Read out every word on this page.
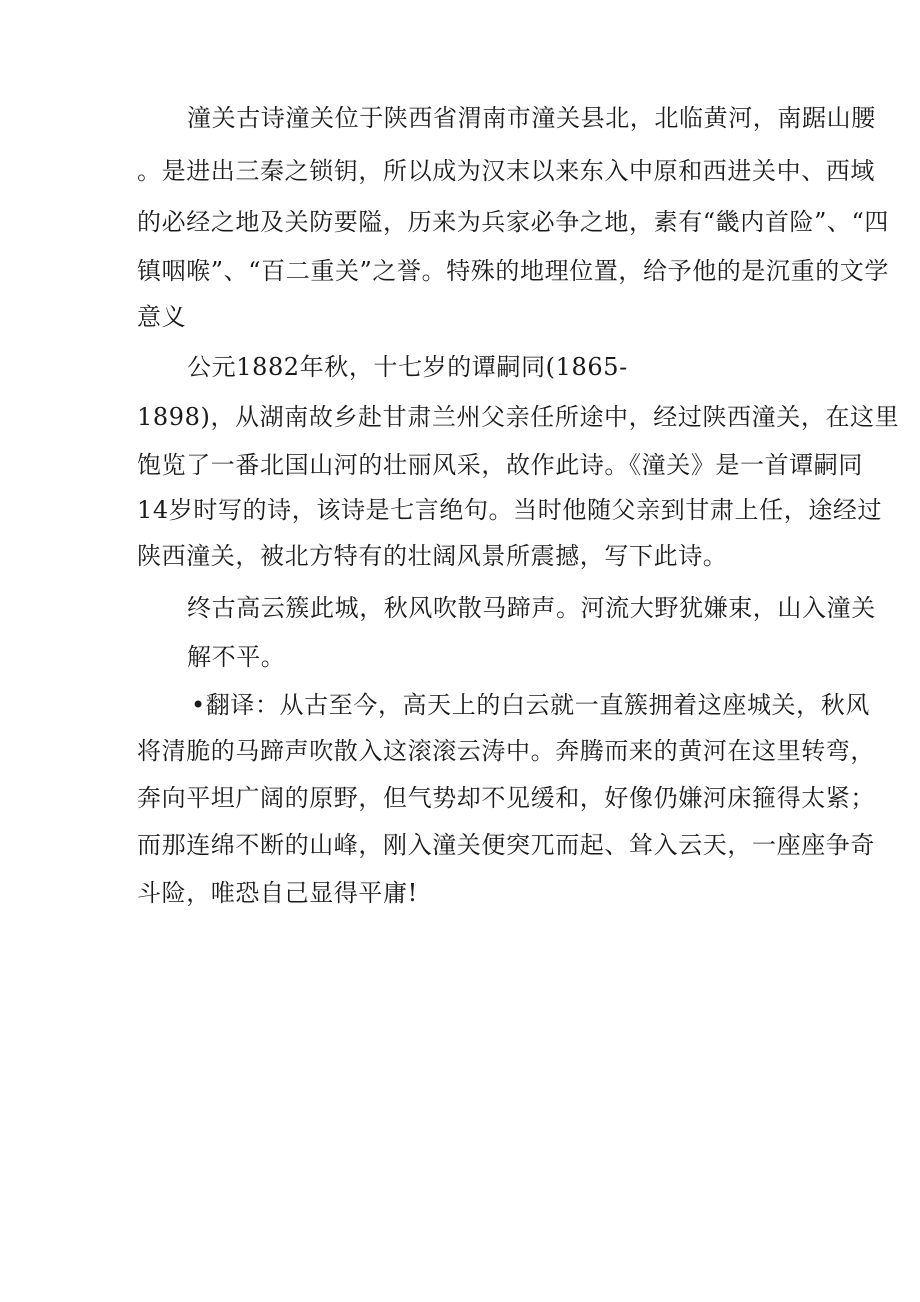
潼关古诗潼关位于陕西省渭南市潼关县北，北临黄河，南踞山腰
。是进出三秦之锁钥，所以成为汉末以来东入中原和西进关中、西域
的必经之地及关防要隘，历来为兵家必争之地，素有“畿内首险”、“四
镇咽喉”、“百二重关”之誉。特殊的地理位置，给予他的是沉重的文学
意义
公元1882年秋，十七岁的谭嗣同(1865-
1898)，从湖南故乡赴甘肃兰州父亲任所途中，经过陕西潼关，在这里
饱览了一番北国山河的壮丽风采，故作此诗。《潼关》是一首谭嗣同
14岁时写的诗，该诗是七言绝句。当时他随父亲到甘肃上任，途经过
陕西潼关，被北方特有的壮阔风景所震撼，写下此诗。
终古高云簇此城，秋风吹散马蹄声。河流大野犹嫌束，山入潼关
解不平。
•翻译：从古至今，高天上的白云就一直簇拥着这座城关，秋风
将清脆的马蹄声吹散入这滚滚云涛中。奔腾而来的黄河在这里转弯，
奔向平坦广阔的原野，但气势却不见缓和，好像仍嫌河床箍得太紧；
而那连绵不断的山峰，刚入潼关便突兀而起、耸入云天，一座座争奇
斗险，唯恐自己显得平庸!
